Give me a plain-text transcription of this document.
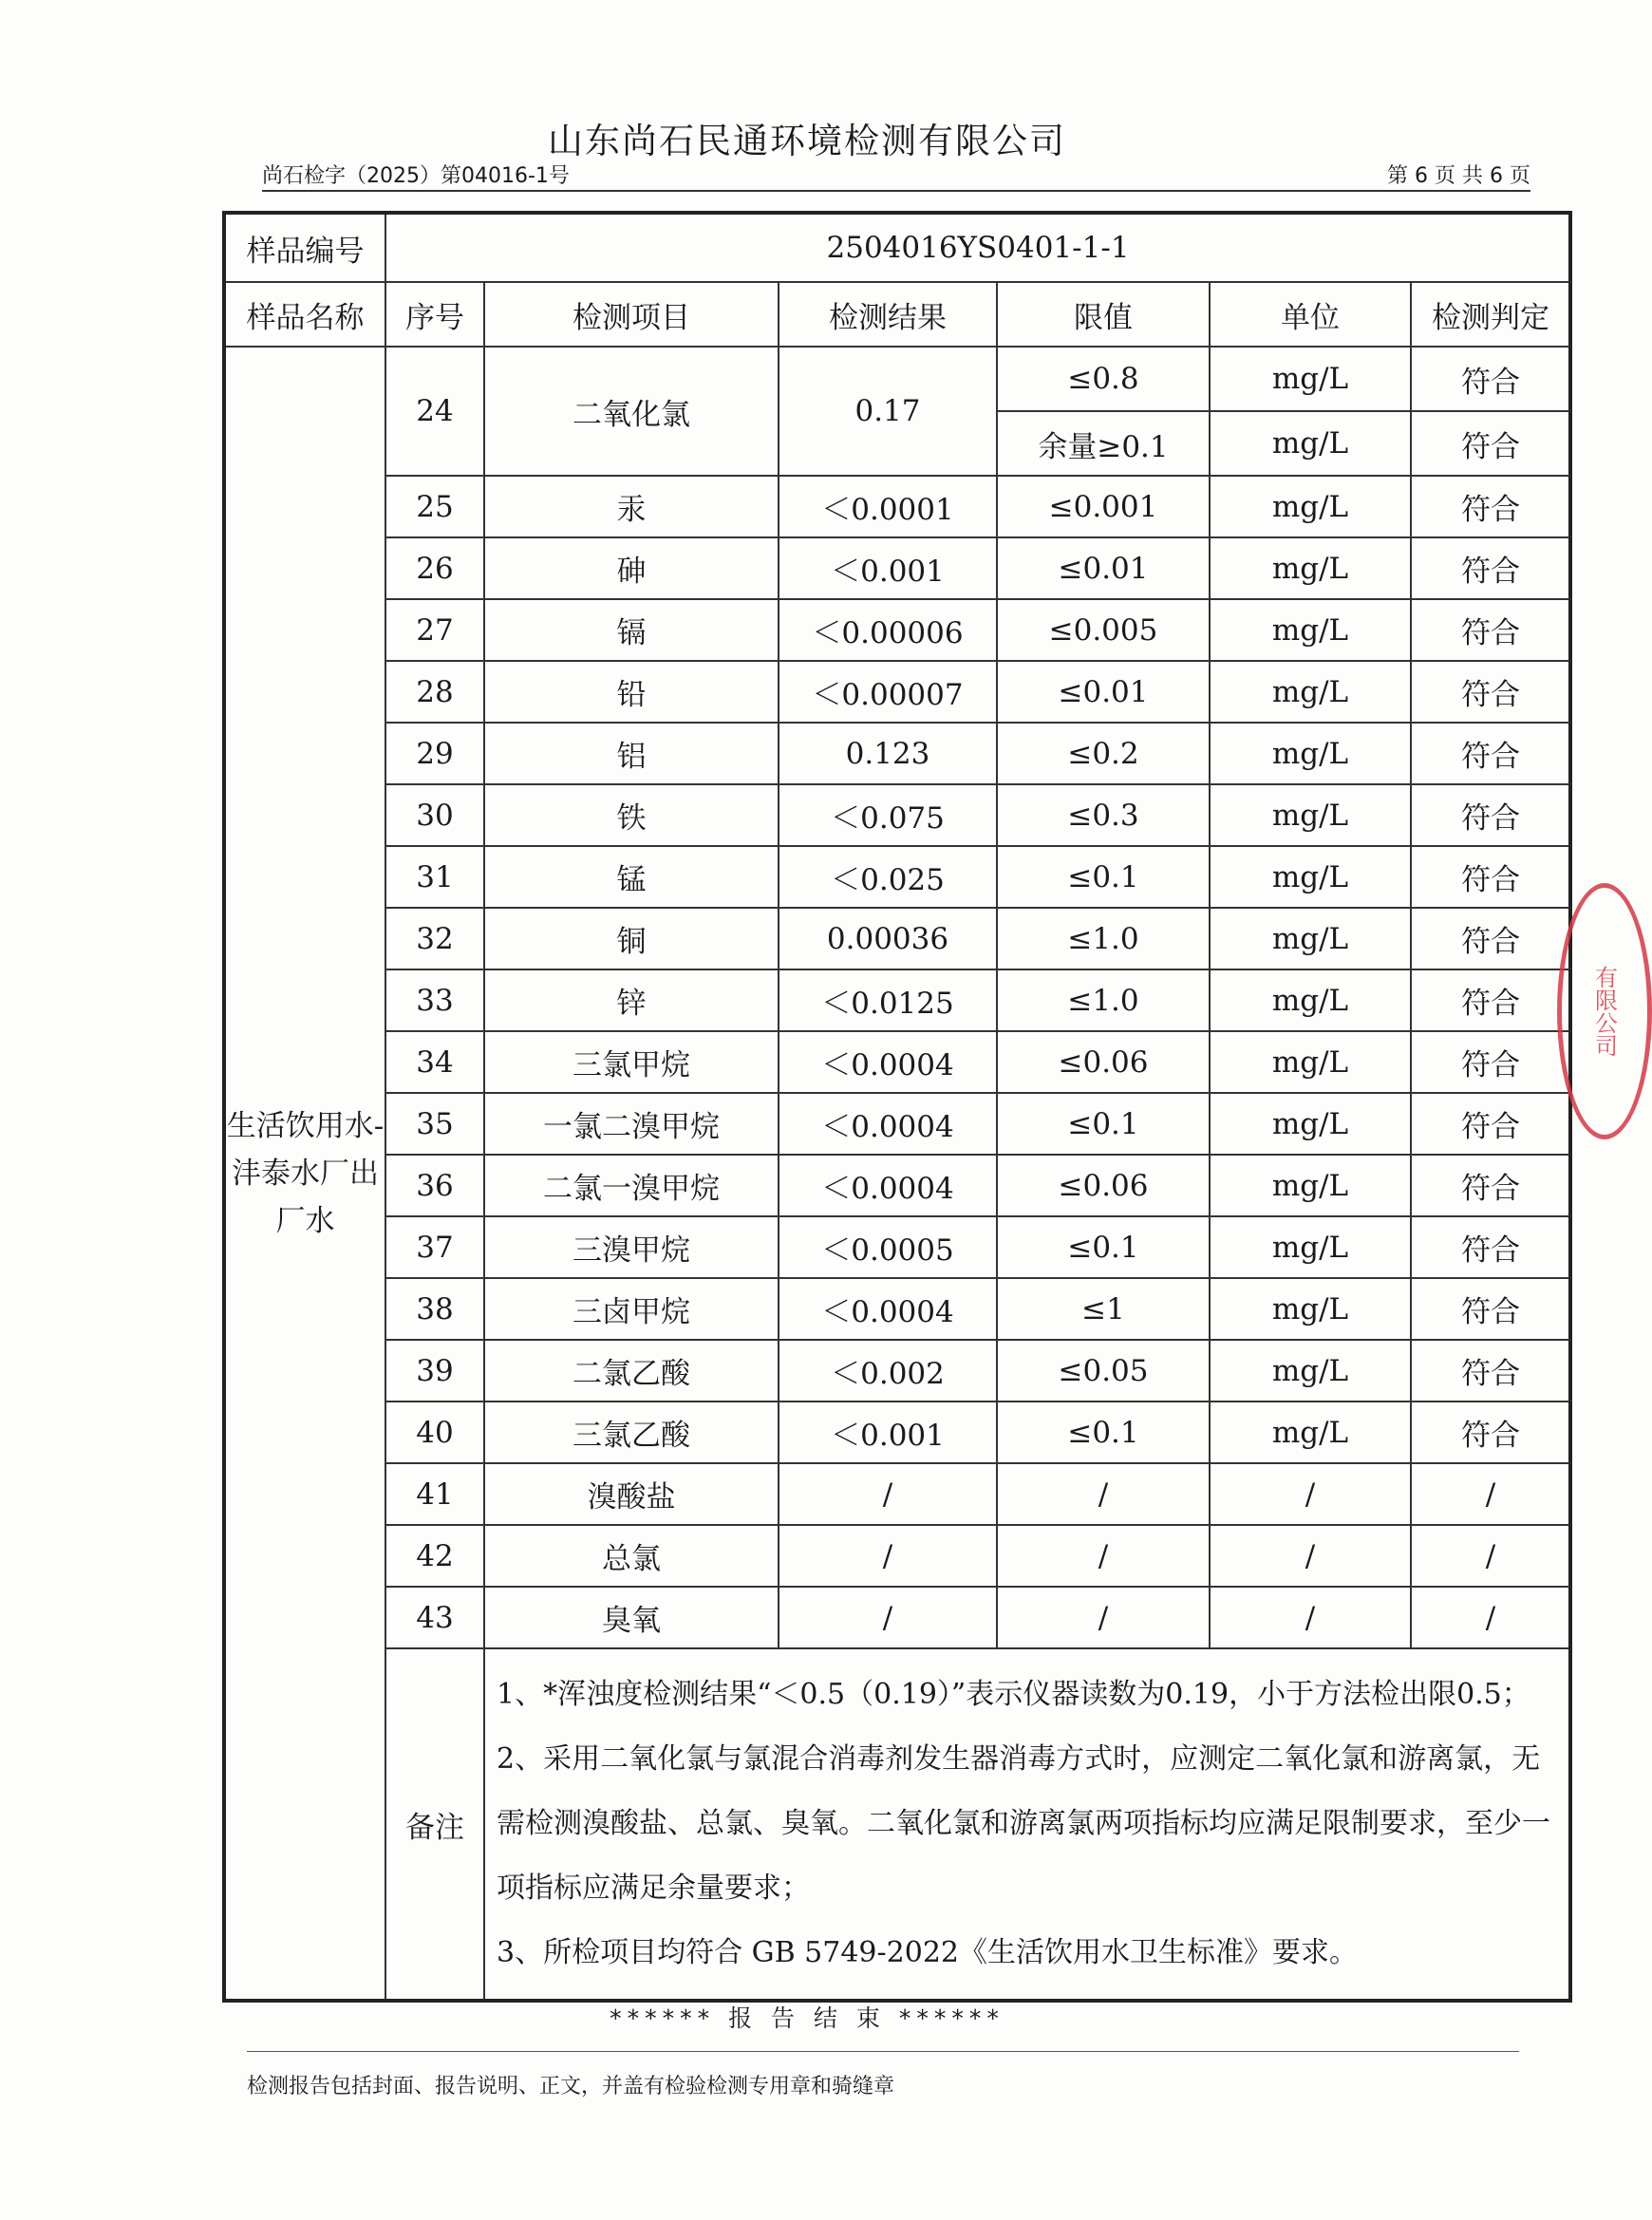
山东尚石民通环境检测有限公司
尚石检字（2025）第04016-1号	第 6 页 共 6 页
样品编号	2504016YS0401-1-1					
样品名称	序号	检测项目	检测结果	限值	单位	检测判定
生活饮用水-沣泰水厂出厂水	24	二氧化氯	0.17	≤0.8	mg/L	符合
				余量≥0.1	mg/L	符合
	25	汞	＜0.0001	≤0.001	mg/L	符合
	26	砷	＜0.001	≤0.01	mg/L	符合
	27	镉	＜0.00006	≤0.005	mg/L	符合
	28	铅	＜0.00007	≤0.01	mg/L	符合
	29	铝	0.123	≤0.2	mg/L	符合
	30	铁	＜0.075	≤0.3	mg/L	符合
	31	锰	＜0.025	≤0.1	mg/L	符合
	32	铜	0.00036	≤1.0	mg/L	符合
	33	锌	＜0.0125	≤1.0	mg/L	符合
	34	三氯甲烷	＜0.0004	≤0.06	mg/L	符合
	35	一氯二溴甲烷	＜0.0004	≤0.1	mg/L	符合
	36	二氯一溴甲烷	＜0.0004	≤0.06	mg/L	符合
	37	三溴甲烷	＜0.0005	≤0.1	mg/L	符合
	38	三卤甲烷	＜0.0004	≤1	mg/L	符合
	39	二氯乙酸	＜0.002	≤0.05	mg/L	符合
	40	三氯乙酸	＜0.001	≤0.1	mg/L	符合
	41	溴酸盐	/	/	/	/
	42	总氯	/	/	/	/
	43	臭氧	/	/	/	/
	备注	1、*浑浊度检测结果“＜0.5（0.19）”表示仪器读数为0.19，小于方法检出限0.5；

2、采用二氧化氯与氯混合消毒剂发生器消毒方式时，应测定二氧化氯和游离氯，无需检测溴酸盐、总氯、臭氧。二氧化氯和游离氯两项指标均应满足限制要求，至少一项指标应满足余量要求；

3、所检项目均符合 GB 5749-2022《生活饮用水卫生标准》要求。				

有限公司
****** 报 告 结 束 ******
检测报告包括封面、报告说明、正文，并盖有检验检测专用章和骑缝章
